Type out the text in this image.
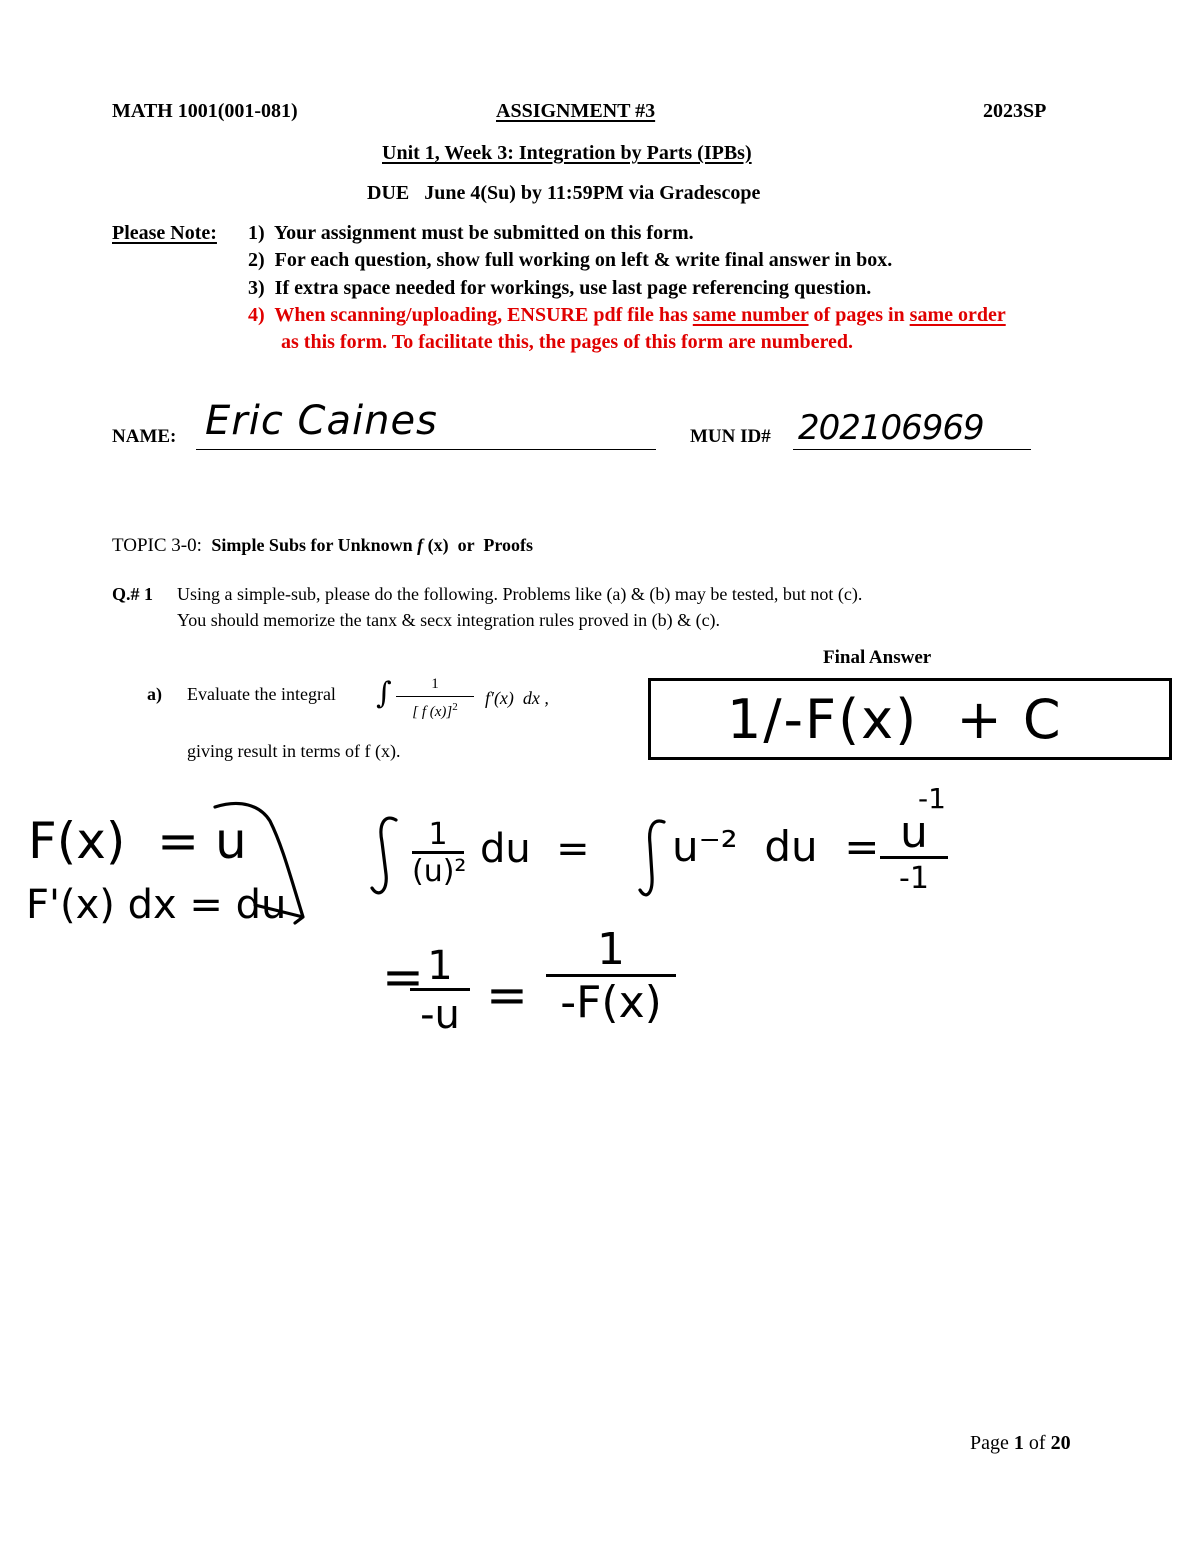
MATH 1001(001-081)	ASSIGNMENT #3	2023SP
Unit 1, Week 3: Integration by Parts (IPBs)
DUE   June 4(Su) by 11:59PM via Gradescope
Please Note: 1) Your assignment must be submitted on this form.
2) For each question, show full working on left & write final answer in box.
3) If extra space needed for workings, use last page referencing question.
4) When scanning/uploading, ENSURE pdf file has same number of pages in same order
as this form. To facilitate this, the pages of this form are numbered.
NAME: Eric Caines	MUN ID# 202106969
TOPIC 3-0: Simple Subs for Unknown f (x)  or  Proofs
Q.# 1 Using a simple-sub, please do the following. Problems like (a) & (b) may be tested, but not (c).
You should memorize the tanx & secx integration rules proved in (b) & (c).
Final Answer
a) Evaluate the integral ∫ $\frac{1}{[ f (x)]^2} f'(x)$  dx ,
giving result in terms of f (x).	1/-F(x)  + C
F(x)  = u
F'(x) dx = du
$\frac{1}{\text{(u)²}}$ du  = u⁻²  du  =
-1
u
-1
=
$\frac{1}{-u} = \frac{1}{-F(x)}$
Page 1 of 20
